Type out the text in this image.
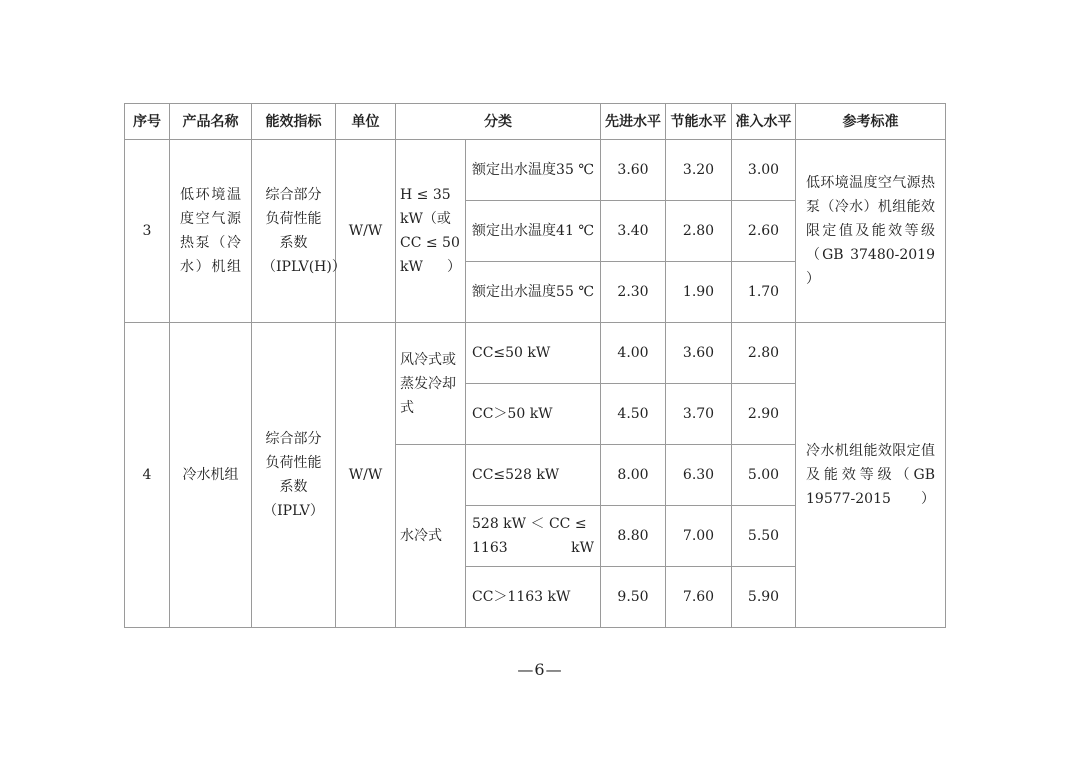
序号	产品名称	能效指标	单位	分类		先进水平	节能水平	准入水平	参考标准
3	低环境温度空气源热泵（冷水）机组	综合部分负荷性能系数（IPLV(H)）	W/W	H ≤ 35 kW（或CC ≤ 50 kW）	额定出水温度35 ℃	3.60	3.20	3.00	低环境温度空气源热泵（冷水）机组能效限定值及能效等级（GB 37480-2019 ）

					额定出水温度41 ℃	3.40	2.80	2.60	

					额定出水温度55 ℃	2.30	1.90	1.70	
4	冷水机组	综合部分负荷性能系数（IPLV）	W/W	风冷式或蒸发冷却式	CC≤50 kW	4.00	3.60	2.80	冷水机组能效限定值及能效等级（GB 19577-2015）

					CC＞50 kW	4.50	3.70	2.90	

				水冷式	CC≤528 kW	8.00	6.30	5.00	

					528 kW ＜ CC ≤ 1163 kW	8.80	7.00	5.50	

					CC＞1163 kW	9.50	7.60	5.90	
—6—
